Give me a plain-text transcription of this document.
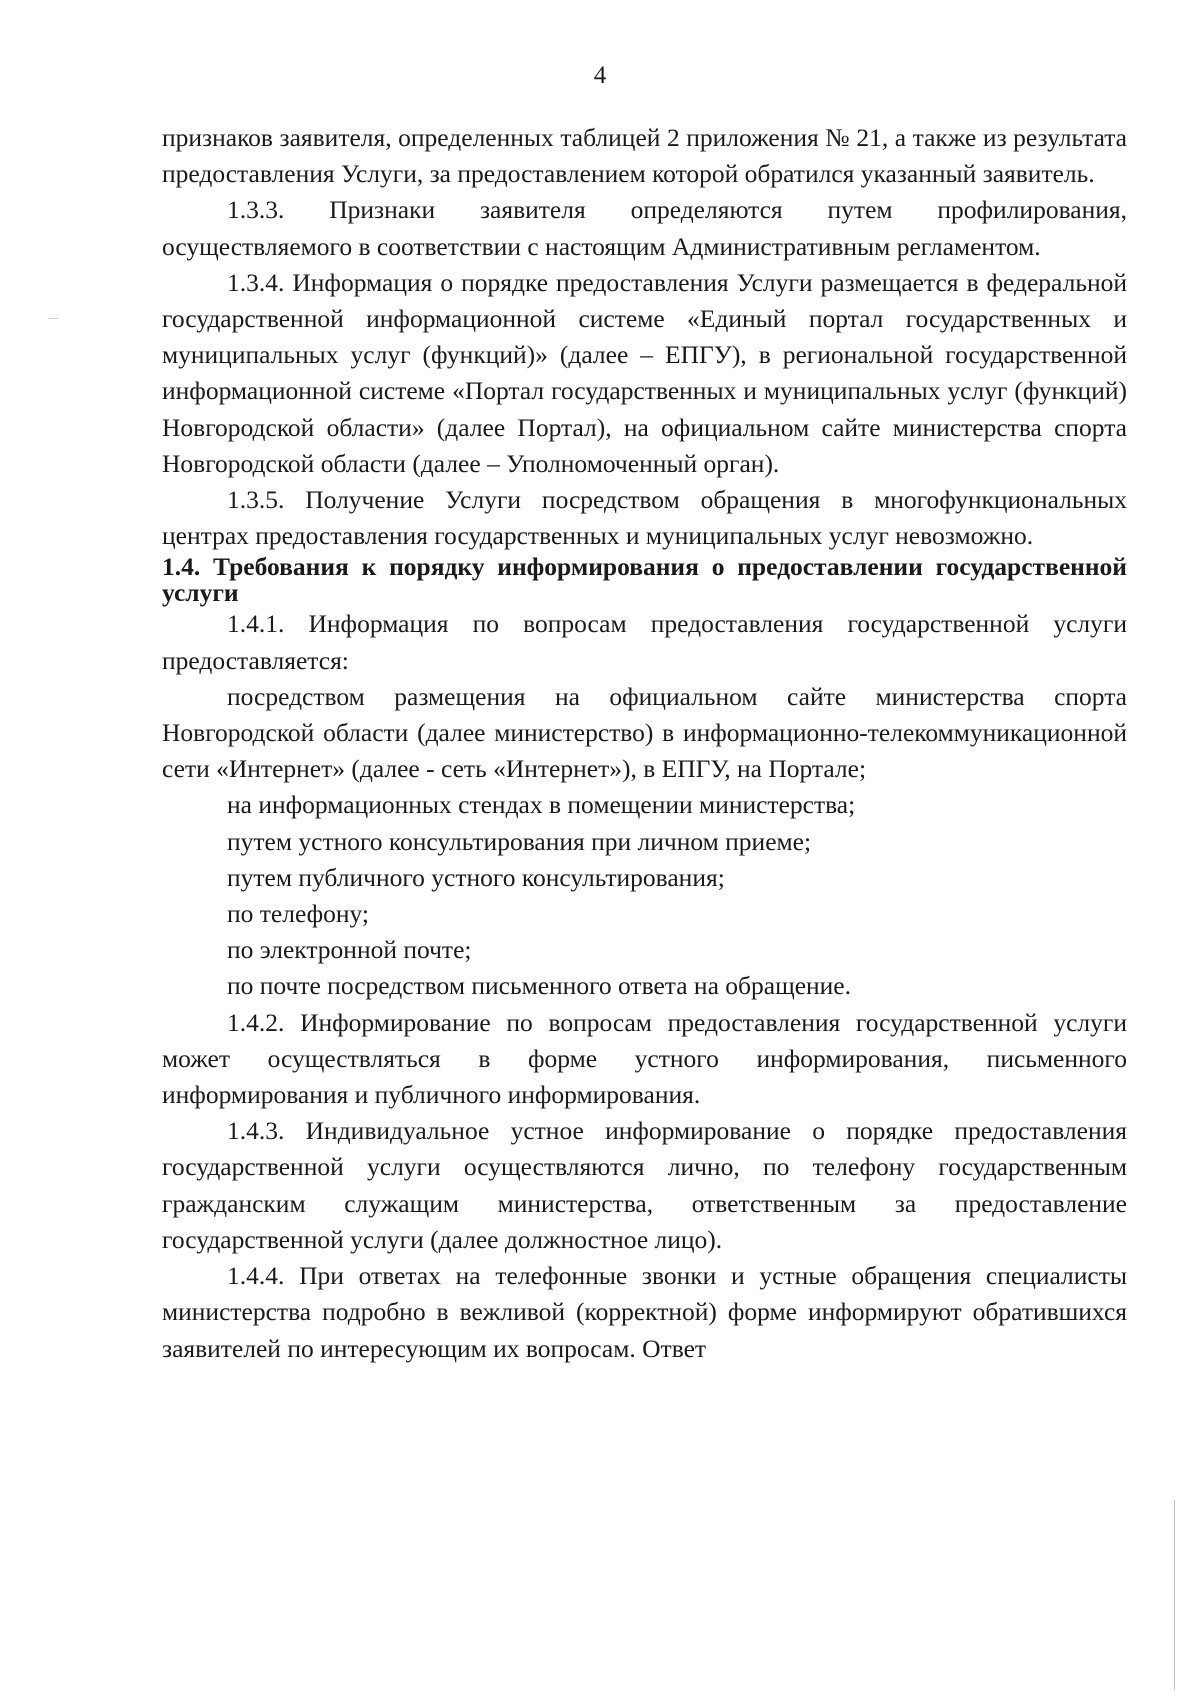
4

признаков заявителя, определенных таблицей 2 приложения № 21, а также из результата предоставления Услуги, за предоставлением которой обратился указанный заявитель.

1.3.3. Признаки заявителя определяются путем профилирования, осуществляемого в соответствии с настоящим Административным регламентом.

1.3.4. Информация о порядке предоставления Услуги размещается в федеральной государственной информационной системе «Единый портал государственных и муниципальных услуг (функций)» (далее – ЕПГУ), в региональной государственной информационной системе «Портал государственных и муниципальных услуг (функций) Новгородской области» (далее Портал), на официальном сайте министерства спорта Новгородской области (далее – Уполномоченный орган).

1.3.5. Получение Услуги посредством обращения в многофункциональных центрах предоставления государственных и муниципальных услуг невозможно.

1.4. Требования к порядку информирования о предоставлении государственной услуги

1.4.1. Информация по вопросам предоставления государственной услуги предоставляется:

посредством размещения на официальном сайте министерства спорта Новгородской области (далее министерство) в информационно-телекоммуникационной сети «Интернет» (далее - сеть «Интернет»), в ЕПГУ, на Портале;

на информационных стендах в помещении министерства;

путем устного консультирования при личном приеме;

путем публичного устного консультирования;

по телефону;

по электронной почте;

по почте посредством письменного ответа на обращение.

1.4.2. Информирование по вопросам предоставления государственной услуги может осуществляться в форме устного информирования, письменного информирования и публичного информирования.

1.4.3. Индивидуальное устное информирование о порядке предоставления государственной услуги осуществляются лично, по телефону государственным гражданским служащим министерства, ответственным за предоставление государственной услуги (далее должностное лицо).

1.4.4. При ответах на телефонные звонки и устные обращения специалисты министерства подробно в вежливой (корректной) форме информируют обратившихся заявителей по интересующим их вопросам. Ответ
